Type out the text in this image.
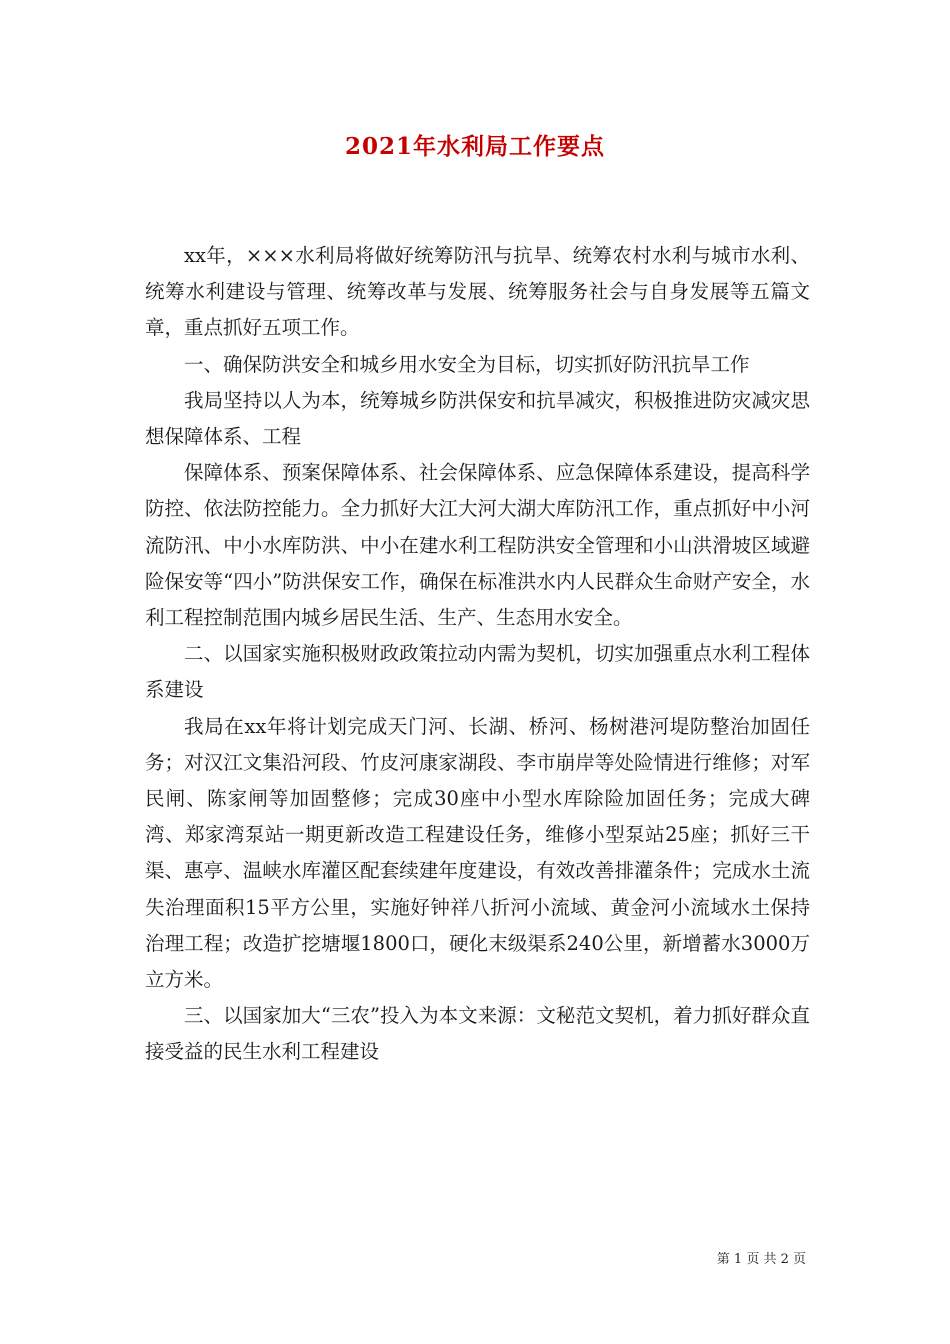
2021年水利局工作要点

xx年，×××水利局将做好统筹防汛与抗旱、统筹农村水利与城市水利、统筹水利建设与管理、统筹改革与发展、统筹服务社会与自身发展等五篇文章，重点抓好五项工作。

一、确保防洪安全和城乡用水安全为目标，切实抓好防汛抗旱工作

我局坚持以人为本，统筹城乡防洪保安和抗旱减灾，积极推进防灾减灾思想保障体系、工程

保障体系、预案保障体系、社会保障体系、应急保障体系建设，提高科学防控、依法防控能力。全力抓好大江大河大湖大库防汛工作，重点抓好中小河流防汛、中小水库防洪、中小在建水利工程防洪安全管理和小山洪滑坡区域避险保安等“四小”防洪保安工作，确保在标准洪水内人民群众生命财产安全，水利工程控制范围内城乡居民生活、生产、生态用水安全。

二、以国家实施积极财政政策拉动内需为契机，切实加强重点水利工程体系建设

我局在xx年将计划完成天门河、长湖、桥河、杨树港河堤防整治加固任务；对汉江文集沿河段、竹皮河康家湖段、李市崩岸等处险情进行维修；对军民闸、陈家闸等加固整修；完成30座中小型水库除险加固任务；完成大碑湾、郑家湾泵站一期更新改造工程建设任务，维修小型泵站25座；抓好三干渠、惠亭、温峡水库灌区配套续建年度建设，有效改善排灌条件；完成水土流失治理面积15平方公里，实施好钟祥八折河小流域、黄金河小流域水土保持治理工程；改造扩挖塘堰1800口，硬化末级渠系240公里，新增蓄水3000万立方米。

三、以国家加大“三农”投入为本文来源：文秘范文契机，着力抓好群众直接受益的民生水利工程建设

第 1 页 共 2 页
